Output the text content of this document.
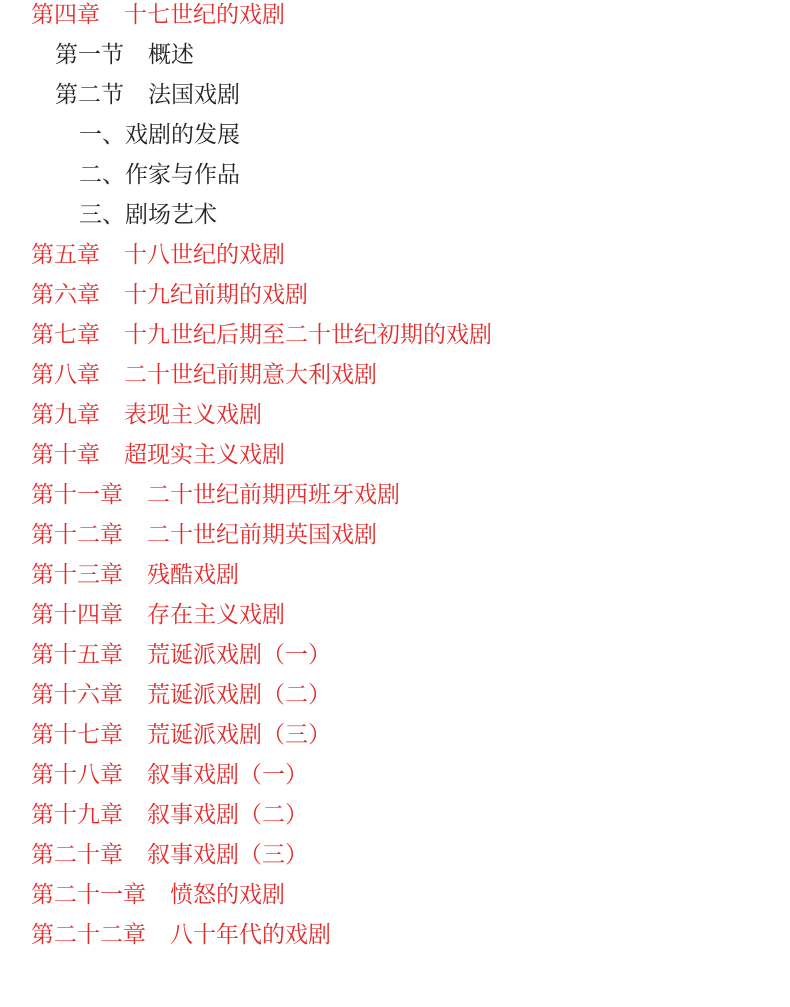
第四章 十七世纪的戏剧
第一节 概述
第二节 法国戏剧
一、戏剧的发展
二、作家与作品
三、剧场艺术
第五章 十八世纪的戏剧
第六章 十九纪前期的戏剧
第七章 十九世纪后期至二十世纪初期的戏剧
第八章 二十世纪前期意大利戏剧
第九章 表现主义戏剧
第十章 超现实主义戏剧
第十一章 二十世纪前期西班牙戏剧
第十二章 二十世纪前期英国戏剧
第十三章 残酷戏剧
第十四章 存在主义戏剧
第十五章 荒诞派戏剧（一）
第十六章 荒诞派戏剧（二）
第十七章 荒诞派戏剧（三）
第十八章 叙事戏剧（一）
第十九章 叙事戏剧（二）
第二十章 叙事戏剧（三）
第二十一章 愤怒的戏剧
第二十二章 八十年代的戏剧
